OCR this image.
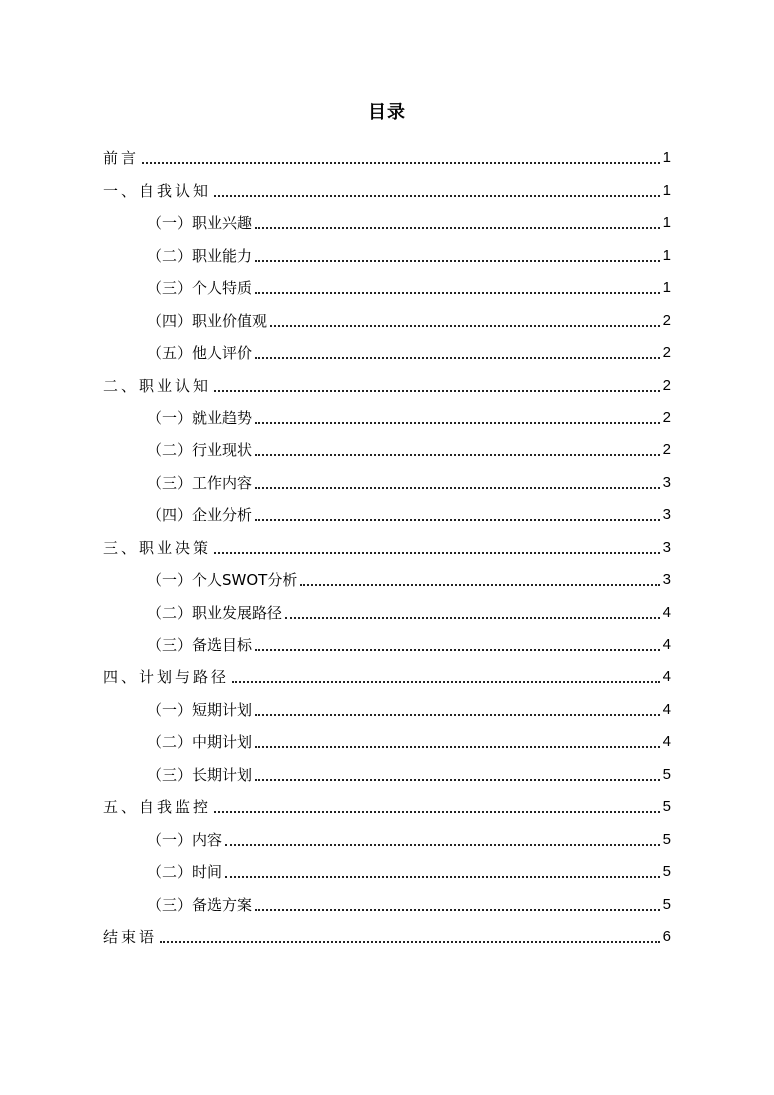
目录
前言	1
一、自我认知	1
（一）职业兴趣	1
（二）职业能力	1
（三）个人特质	1
（四）职业价值观	2
（五）他人评价	2
二、职业认知	2
（一）就业趋势	2
（二）行业现状	2
（三）工作内容	3
（四）企业分析	3
三、职业决策	3
（一）个人SWOT分析	3
（二）职业发展路径	4
（三）备选目标	4
四、计划与路径	4
（一）短期计划	4
（二）中期计划	4
（三）长期计划	5
五、自我监控	5
（一）内容	5
（二）时间	5
（三）备选方案	5
结束语	6
